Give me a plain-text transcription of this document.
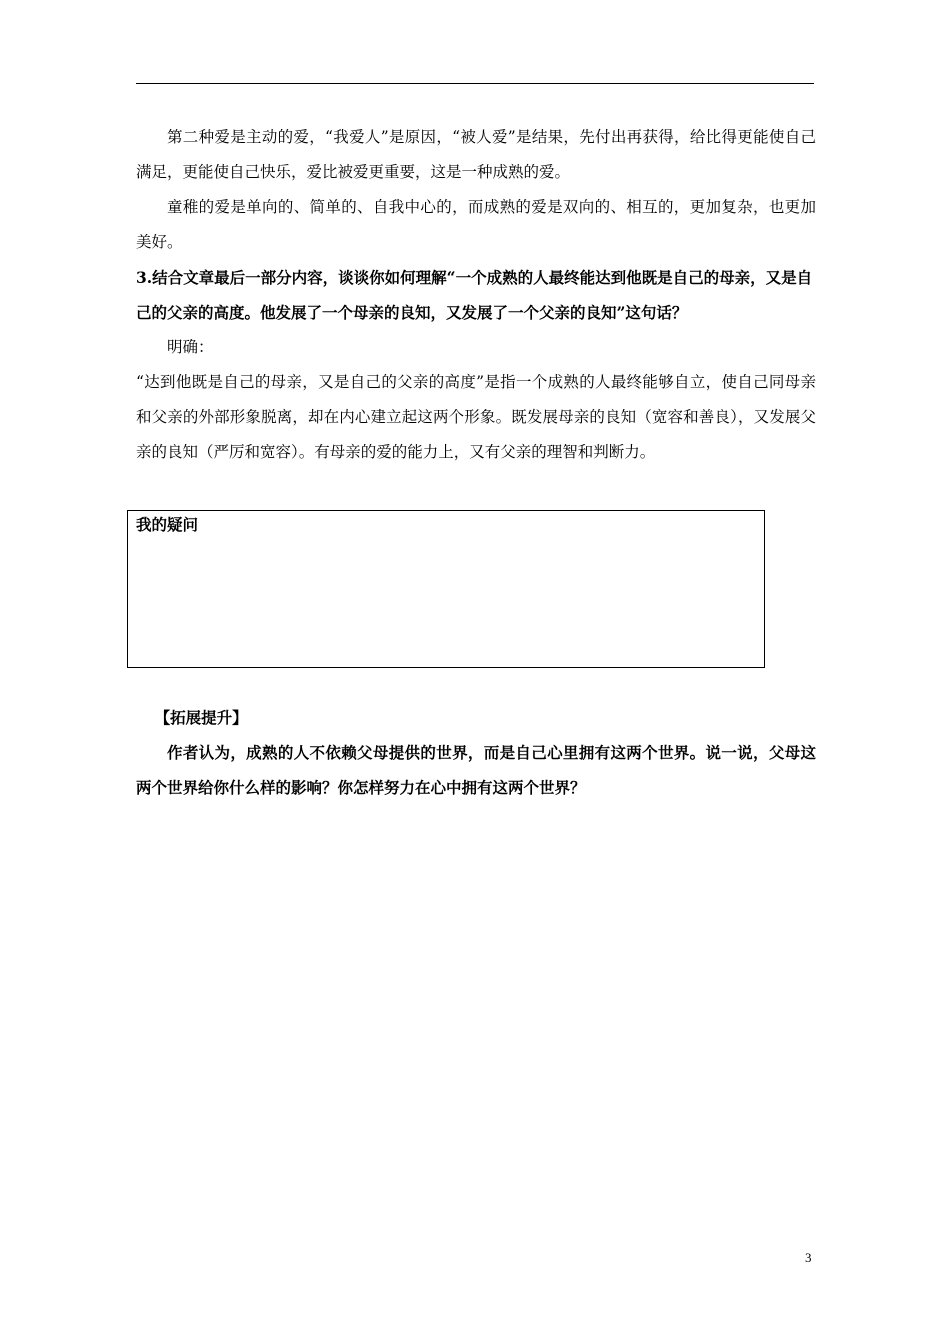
第二种爱是主动的爱，“我爱人”是原因，“被人爱”是结果，先付出再获得，给比得更能使自己满足，更能使自己快乐，爱比被爱更重要，这是一种成熟的爱。

童稚的爱是单向的、简单的、自我中心的，而成熟的爱是双向的、相互的，更加复杂，也更加美好。

3.结合文章最后一部分内容，谈谈你如何理解“一个成熟的人最终能达到他既是自己的母亲，又是自己的父亲的高度。他发展了一个母亲的良知，又发展了一个父亲的良知”这句话？

明确：

“达到他既是自己的母亲，又是自己的父亲的高度”是指一个成熟的人最终能够自立，使自己同母亲和父亲的外部形象脱离，却在内心建立起这两个形象。既发展母亲的良知（宽容和善良），又发展父亲的良知（严厉和宽容）。有母亲的爱的能力上，又有父亲的理智和判断力。

我的疑问

【拓展提升】

作者认为，成熟的人不依赖父母提供的世界，而是自己心里拥有这两个世界。说一说，父母这两个世界给你什么样的影响？你怎样努力在心中拥有这两个世界？

3
